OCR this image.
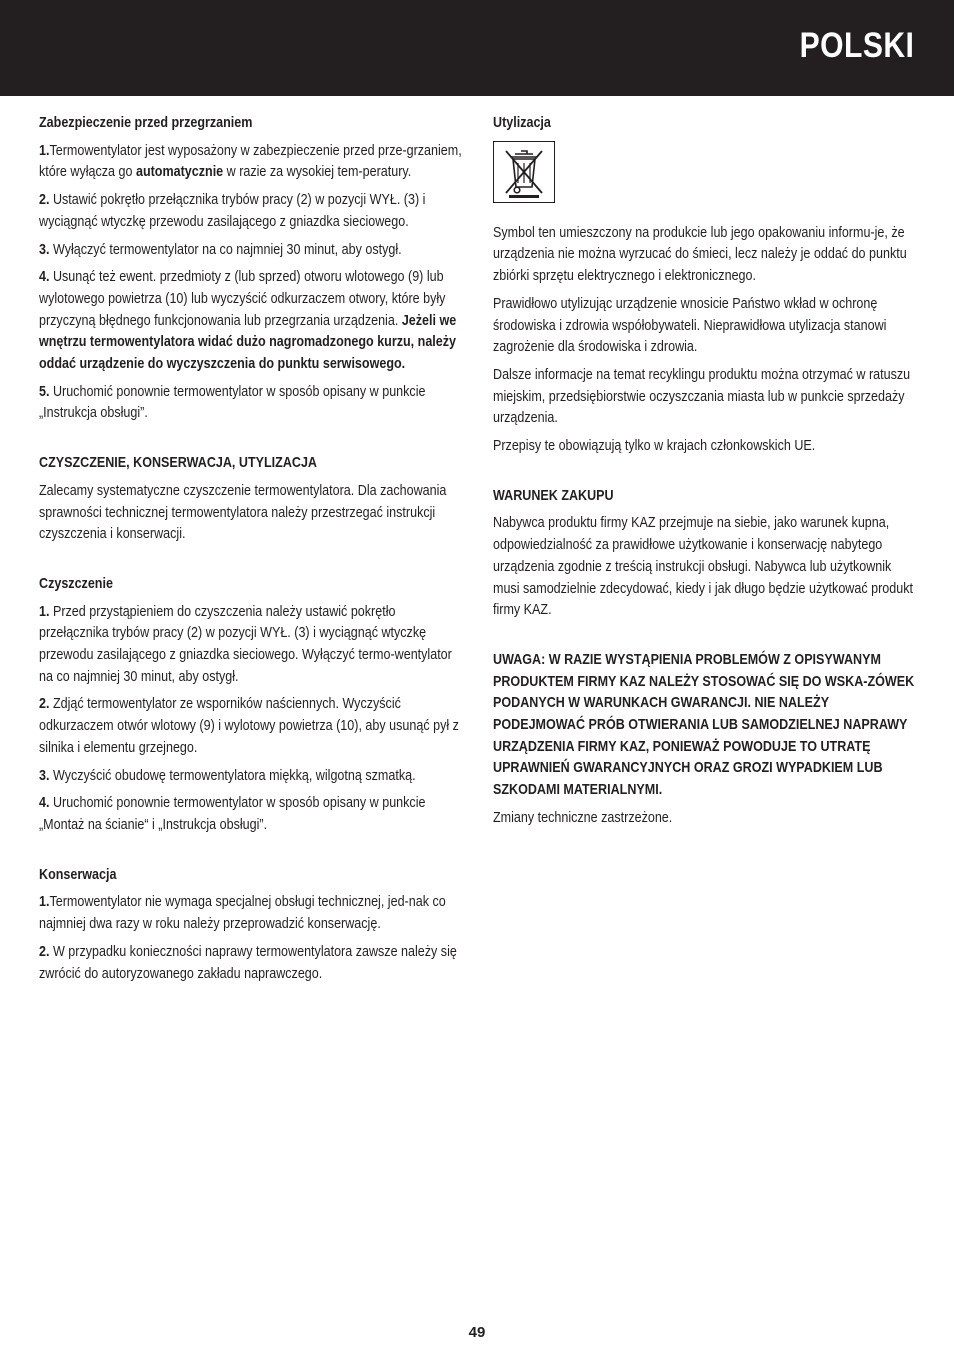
POLSKI
Zabezpieczenie przed przegrzaniem

1.Termowentylator jest wyposażony w zabezpieczenie przed prze-grzaniem, które wyłącza go automatycznie w razie za wysokiej tem-peratury.

2. Ustawić pokrętło przełącznika trybów pracy (2) w pozycji WYŁ. (3) i wyciągnąć wtyczkę przewodu zasilającego z gniazdka sieciowego.

3. Wyłączyć termowentylator na co najmniej 30 minut, aby ostygł.

4. Usunąć też ewent. przedmioty z (lub sprzed) otworu wlotowego (9) lub wylotowego powietrza (10) lub wyczyścić odkurzaczem otwory, które były przyczyną błędnego funkcjonowania lub przegrzania urządzenia. Jeżeli we wnętrzu termowentylatora widać dużo nagromadzonego kurzu, należy oddać urządzenie do wyczyszczenia do punktu serwisowego.

5. Uruchomić ponownie termowentylator w sposób opisany w punkcie „Instrukcja obsługi”.

CZYSZCZENIE, KONSERWACJA, UTYLIZACJA

Zalecamy systematyczne czyszczenie termowentylatora. Dla zachowania sprawności technicznej termowentylatora należy przestrzegać instrukcji czyszczenia i konserwacji.

Czyszczenie

1. Przed przystąpieniem do czyszczenia należy ustawić pokrętło przełącznika trybów pracy (2) w pozycji WYŁ. (3) i wyciągnąć wtyczkę przewodu zasilającego z gniazdka sieciowego. Wyłączyć termo-wentylator na co najmniej 30 minut, aby ostygł.

2. Zdjąć termowentylator ze wsporników naściennych. Wyczyścić odkurzaczem otwór wlotowy (9) i wylotowy powietrza (10), aby usunąć pył z silnika i elementu grzejnego.

3. Wyczyścić obudowę termowentylatora miękką, wilgotną szmatką.

4. Uruchomić ponownie termowentylator w sposób opisany w punkcie „Montaż na ścianie“ i „Instrukcja obsługi”.

Konserwacja

1.Termowentylator nie wymaga specjalnej obsługi technicznej, jed-nak co najmniej dwa razy w roku należy przeprowadzić konserwację.

2. W przypadku konieczności naprawy termowentylatora zawsze należy się zwrócić do autoryzowanego zakładu naprawczego.

Utylizacja

Symbol ten umieszczony na produkcie lub jego opakowaniu informu-je, że urządzenia nie można wyrzucać do śmieci, lecz należy je oddać do punktu zbiórki sprzętu elektrycznego i elektronicznego.

Prawidłowo utylizując urządzenie wnosicie Państwo wkład w ochronę środowiska i zdrowia współobywateli. Nieprawidłowa utylizacja stanowi zagrożenie dla środowiska i zdrowia.

Dalsze informacje na temat recyklingu produktu można otrzymać w ratuszu miejskim, przedsiębiorstwie oczyszczania miasta lub w punkcie sprzedaży urządzenia.

Przepisy te obowiązują tylko w krajach członkowskich UE.

WARUNEK ZAKUPU

Nabywca produktu firmy KAZ przejmuje na siebie, jako warunek kupna, odpowiedzialność za prawidłowe użytkowanie i konserwację nabytego urządzenia zgodnie z treścią instrukcji obsługi. Nabywca lub użytkownik musi samodzielnie zdecydować, kiedy i jak długo będzie użytkować produkt firmy KAZ.

UWAGA: W RAZIE WYSTĄPIENIA PROBLEMÓW Z OPISYWANYM PRODUKTEM FIRMY KAZ NALEŻY STOSOWAĆ SIĘ DO WSKA-ZÓWEK PODANYCH W WARUNKACH GWARANCJI. NIE NALEŻY PODEJMOWAĆ PRÓB OTWIERANIA LUB SAMODZIELNEJ NAPRAWY URZĄDZENIA FIRMY KAZ, PONIEWAŻ POWODUJE TO UTRATĘ UPRAWNIEŃ GWARANCYJNYCH ORAZ GROZI WYPADKIEM LUB SZKODAMI MATERIALNYMI.

Zmiany techniczne zastrzeżone.

49
